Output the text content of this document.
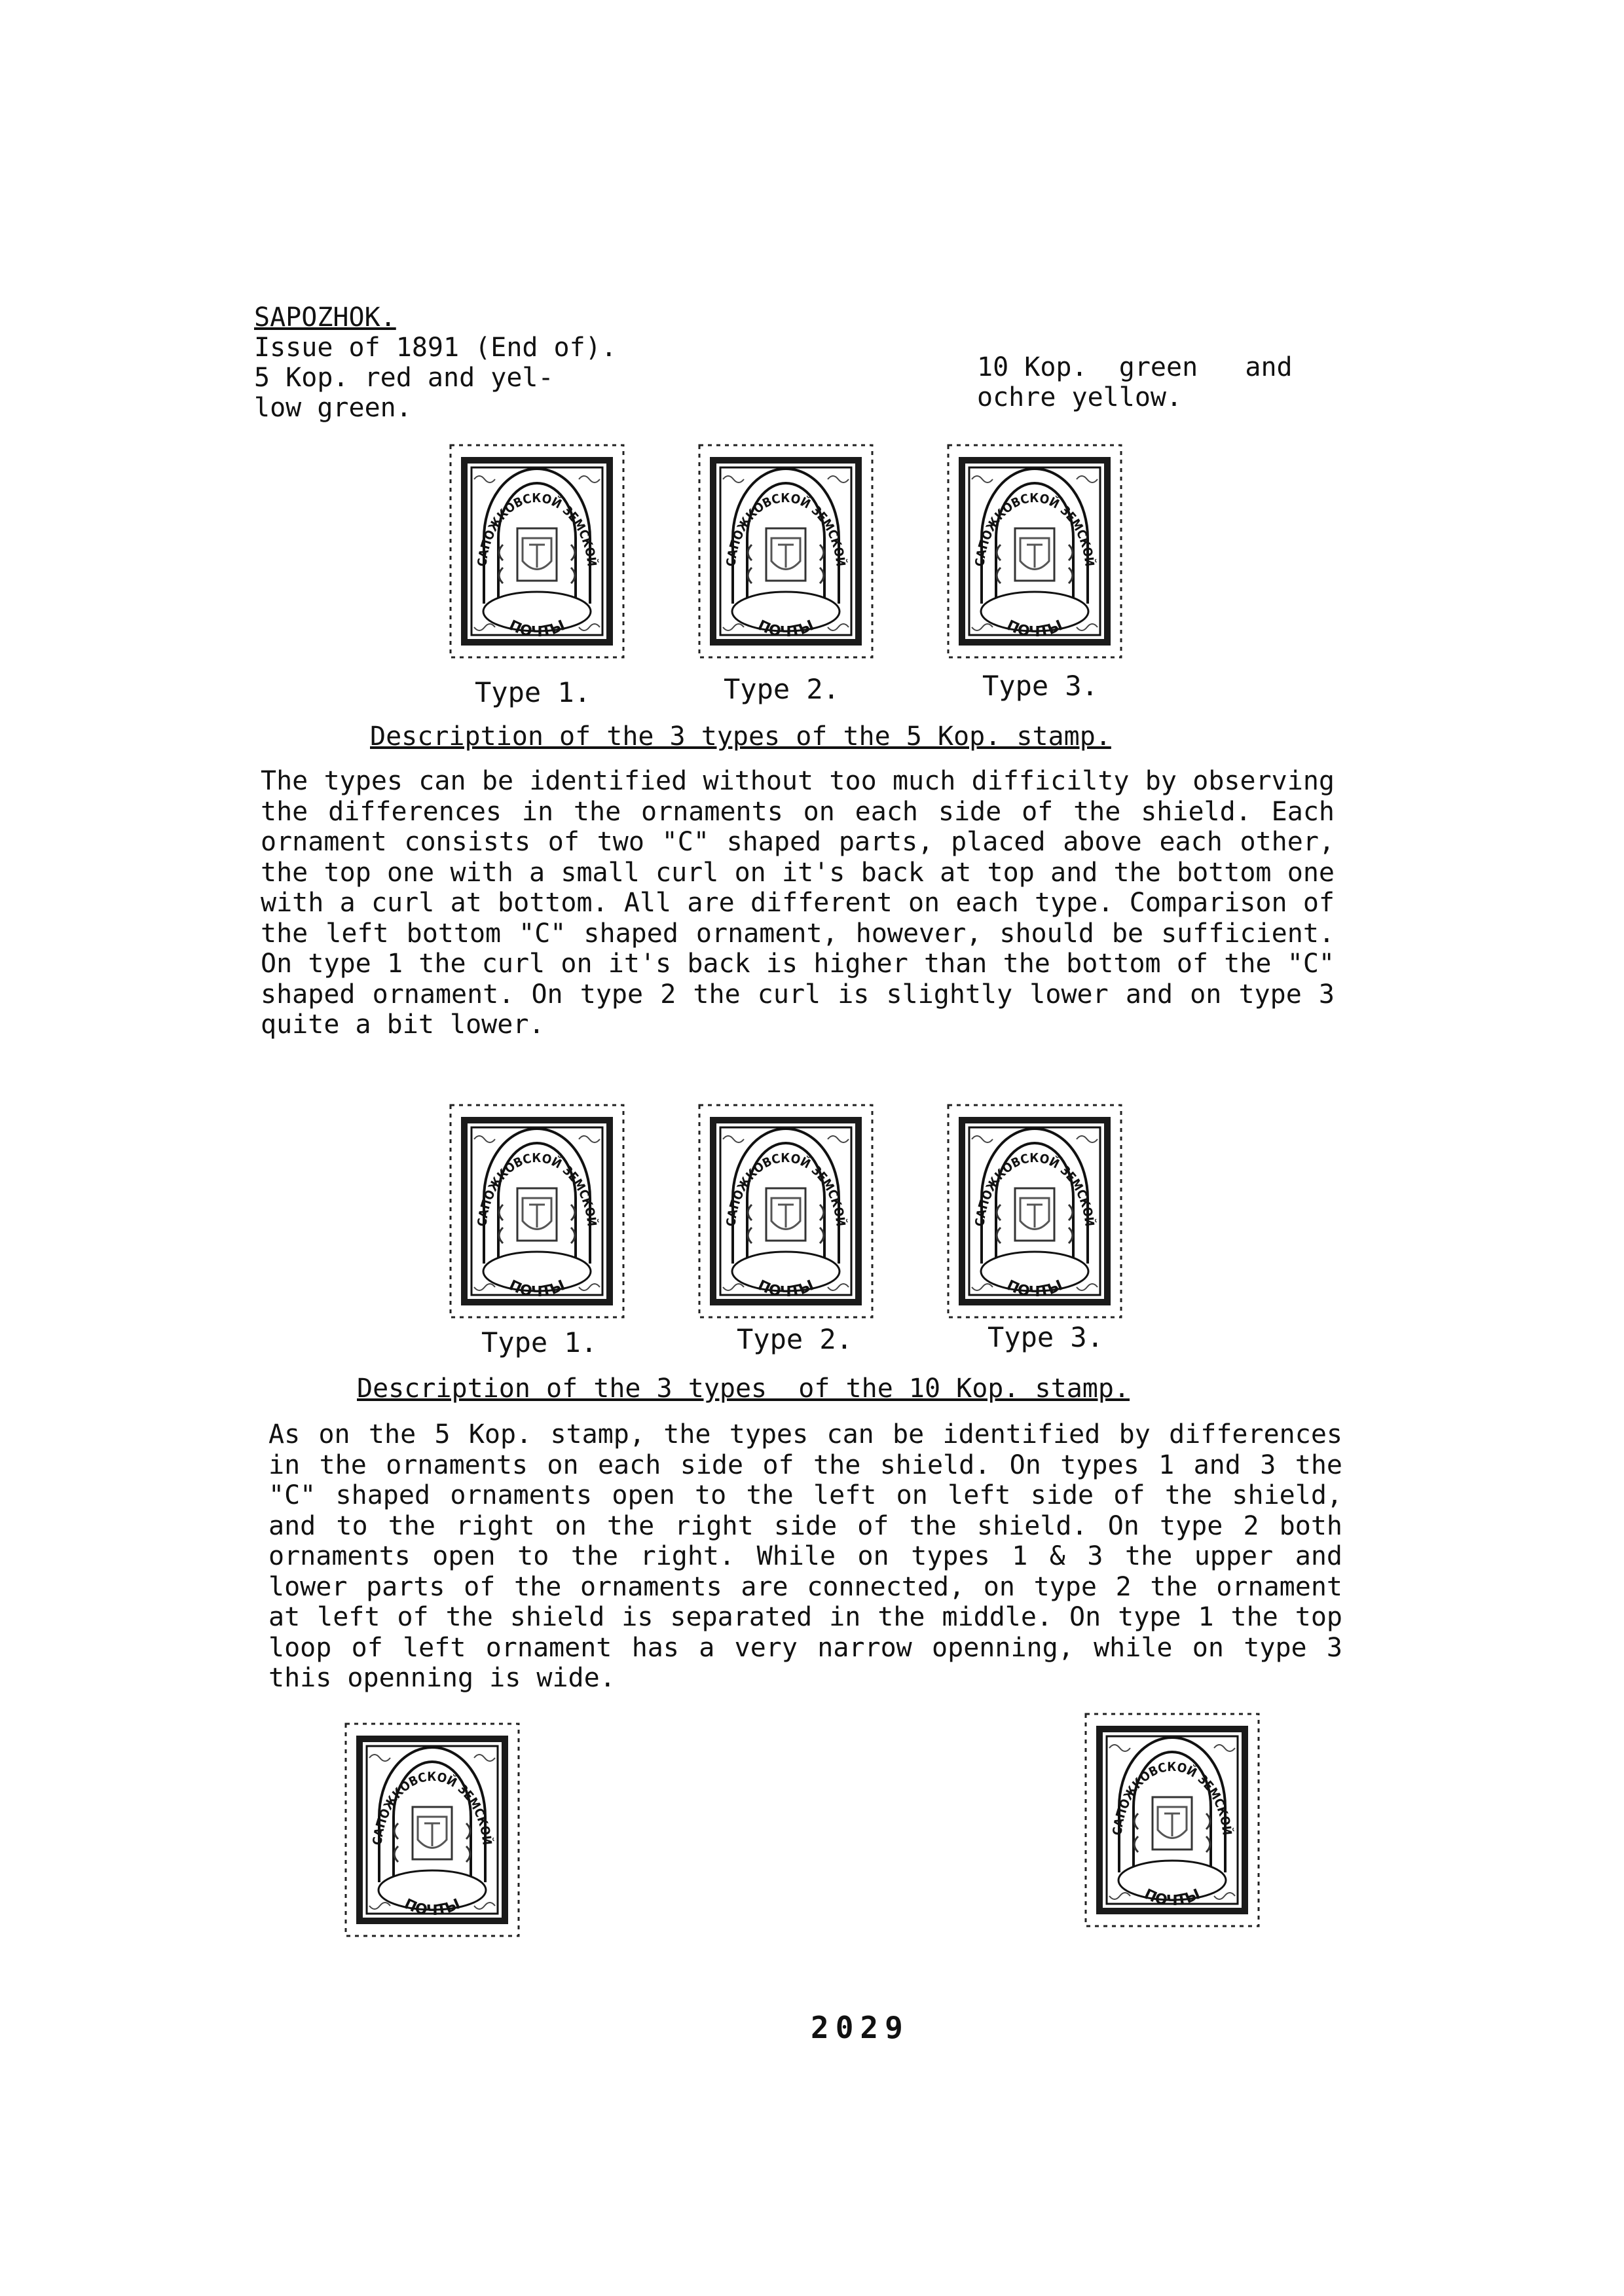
SAPOZHOK.
Issue of 1891 (End of).
5 Kop. red and yel-
low green.
10 Kop.  green   and
ochre yellow.
Type 1.	Type 2.	Type 3.
Description of the 3 types of the 5 Kop. stamp.
The types can be identified without too much difficilty by observing the differences in the ornaments on each side of the shield. Each ornament consists of two "C" shaped parts, placed above each other, the top one with a small curl on it's back at top and the bottom one with a curl at bottom. All are different on each type. Comparison of the left bottom "C" shaped ornament, however, should be sufficient. On type 1 the curl on it's back is higher than the bottom of the "C" shaped ornament. On type 2 the curl is slightly lower and on type 3 quite a bit lower.
Type 1.	Type 2.	Type 3.
Description of the 3 types  of the 10 Kop. stamp.
As on the 5 Kop. stamp, the types can be identified by differences in the ornaments on each side of the shield. On types 1 and 3 the "C" shaped ornaments open to the left on left side of the shield, and to the right on the right side of the shield. On type 2 both ornaments open to the right. While on types 1 & 3 the upper and lower parts of the ornaments are connected, on type 2 the ornament at left of the shield is separated in the middle. On type 1 the top loop of left ornament has a very narrow openning, while on type 3 this openning is wide.
2029
